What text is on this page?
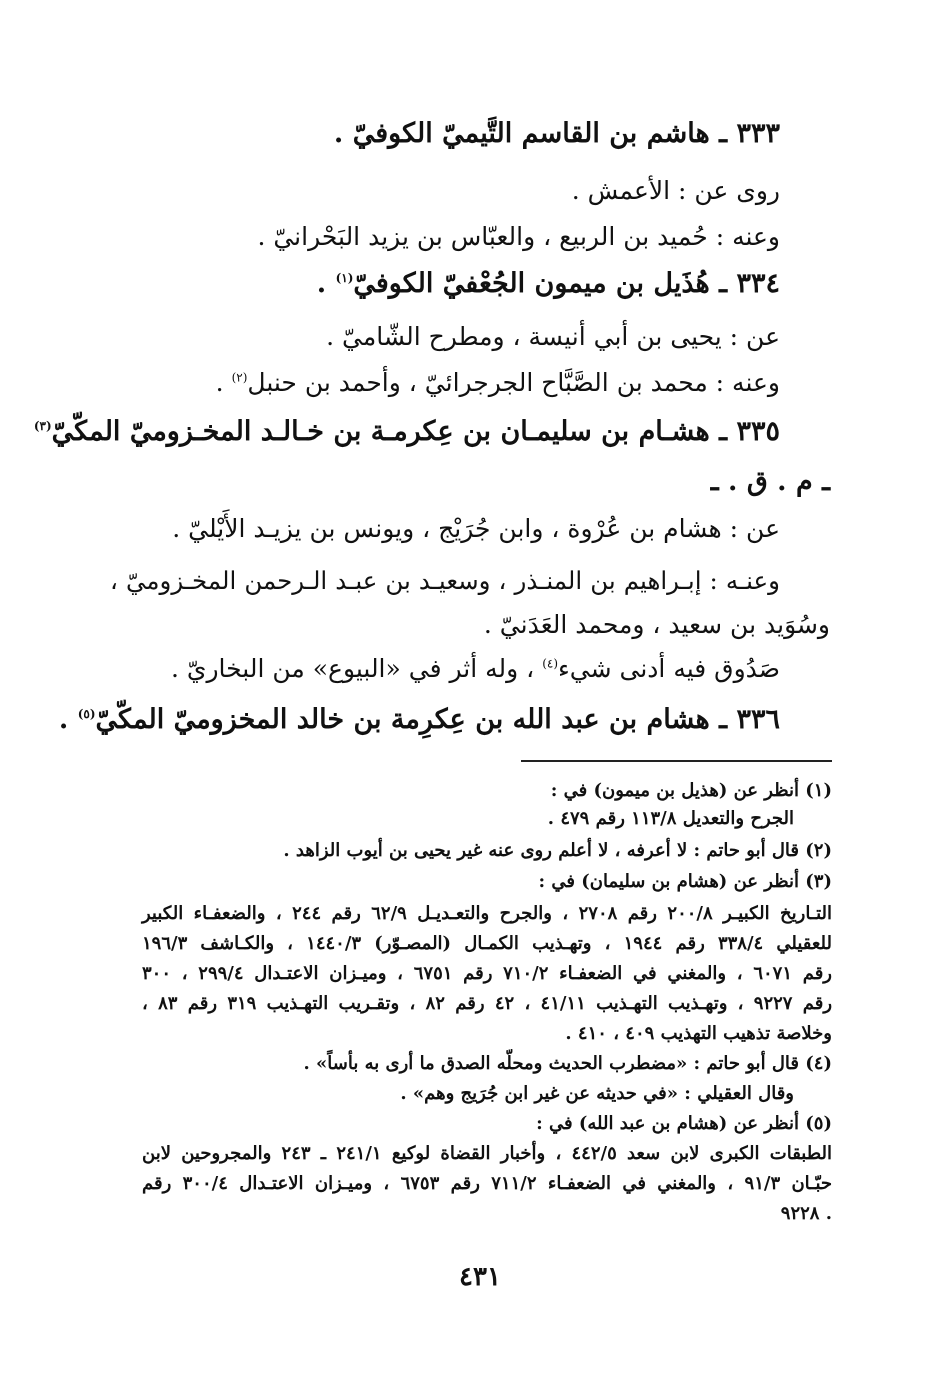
٣٣٣ ـ هاشم بن القاسم التَّيميّ الكوفيّ .
روى عن : الأعمش .
وعنه : حُميد بن الربيع ، والعبّاس بن يزيد البَحْرانيّ .
٣٣٤ ـ هُذَيل بن ميمون الجُعْفيّ الكوفيّ$^{(١)}$ .
عن : يحيى بن أبي أنيسة ، ومطرح الشّاميّ .
وعنه : محمد بن الصَّبَّاح الجرجرائيّ ، وأحمد بن حنبل$^{(٢)}$ .
٣٣٥ ـ هشـام بن سليمـان بن عِكرمـة بن خـالـد المخـزوميّ المكّيّ$^{(٣)}$
ـ م . ق . ـ
عن : هشام بن عُرْوة ، وابن جُرَيْج ، ويونس بن يزيـد الأَيْليّ .
وعنـه : إبـراهيم بن المنـذر ، وسعيـد بن عبـد الـرحمن المخـزوميّ ،
وسُوَيد بن سعيد ، ومحمد العَدَنيّ .
صَدُوق فيه أدنى شيء$^{(٤)}$ ، وله أثر في «البيوع» من البخاريّ .
٣٣٦ ـ هشام بن عبد الله بن عِكرِمة بن خالد المخزوميّ المكّيّ$^{(٥)}$ .
(١) أنظر عن (هذيل بن ميمون) في :
الجرح والتعديل ١١٣/٨ رقم ٤٧٩ .
(٢) قال أبو حاتم : لا أعرفه ، لا أعلم روى عنه غير يحيى بن أيوب الزاهد .
(٣) أنظر عن (هشام بن سليمان) في :
التـاريخ الكبيـر ٢٠٠/٨ رقم ٢٧٠٨ ، والجرح والتعـديـل ٦٢/٩ رقم ٢٤٤ ، والضعفـاء الكبير
للعقيلي ٣٣٨/٤ رقم ١٩٤٤ ، وتهـذيب الكمـال (المصـوّر) ١٤٤٠/٣ ، والكـاشف ١٩٦/٣
رقم ٦٠٧١ ، والمغني في الضعفـاء ٧١٠/٢ رقم ٦٧٥١ ، وميـزان الاعتـدال ٢٩٩/٤ ، ٣٠٠
رقم ٩٢٢٧ ، وتهـذيب التهـذيب ٤١/١١ ، ٤٢ رقم ٨٢ ، وتقـريب التهـذيب ٣١٩ رقم ٨٣ ،
وخلاصة تذهيب التهذيب ٤٠٩ ، ٤١٠ .
(٤) قال أبو حاتم : «مضطرب الحديث ومحلّه الصدق ما أرى به بأساً» .
وقال العقيلي : «في حديثه عن غير ابن جُرَيج وهم» .
(٥) أنظر عن (هشام بن عبد الله) في :
الطبقات الكبرى لابن سعد ٤٤٢/٥ ، وأخبار القضاة لوكيع ٢٤١/١ ـ ٢٤٣ والمجروحين لابن
حبّـان ٩١/٣ ، والمغني في الضعفـاء ٧١١/٢ رقم ٦٧٥٣ ، وميـزان الاعتـدال ٣٠٠/٤ رقم
٩٢٢٨ .
٤٣١
